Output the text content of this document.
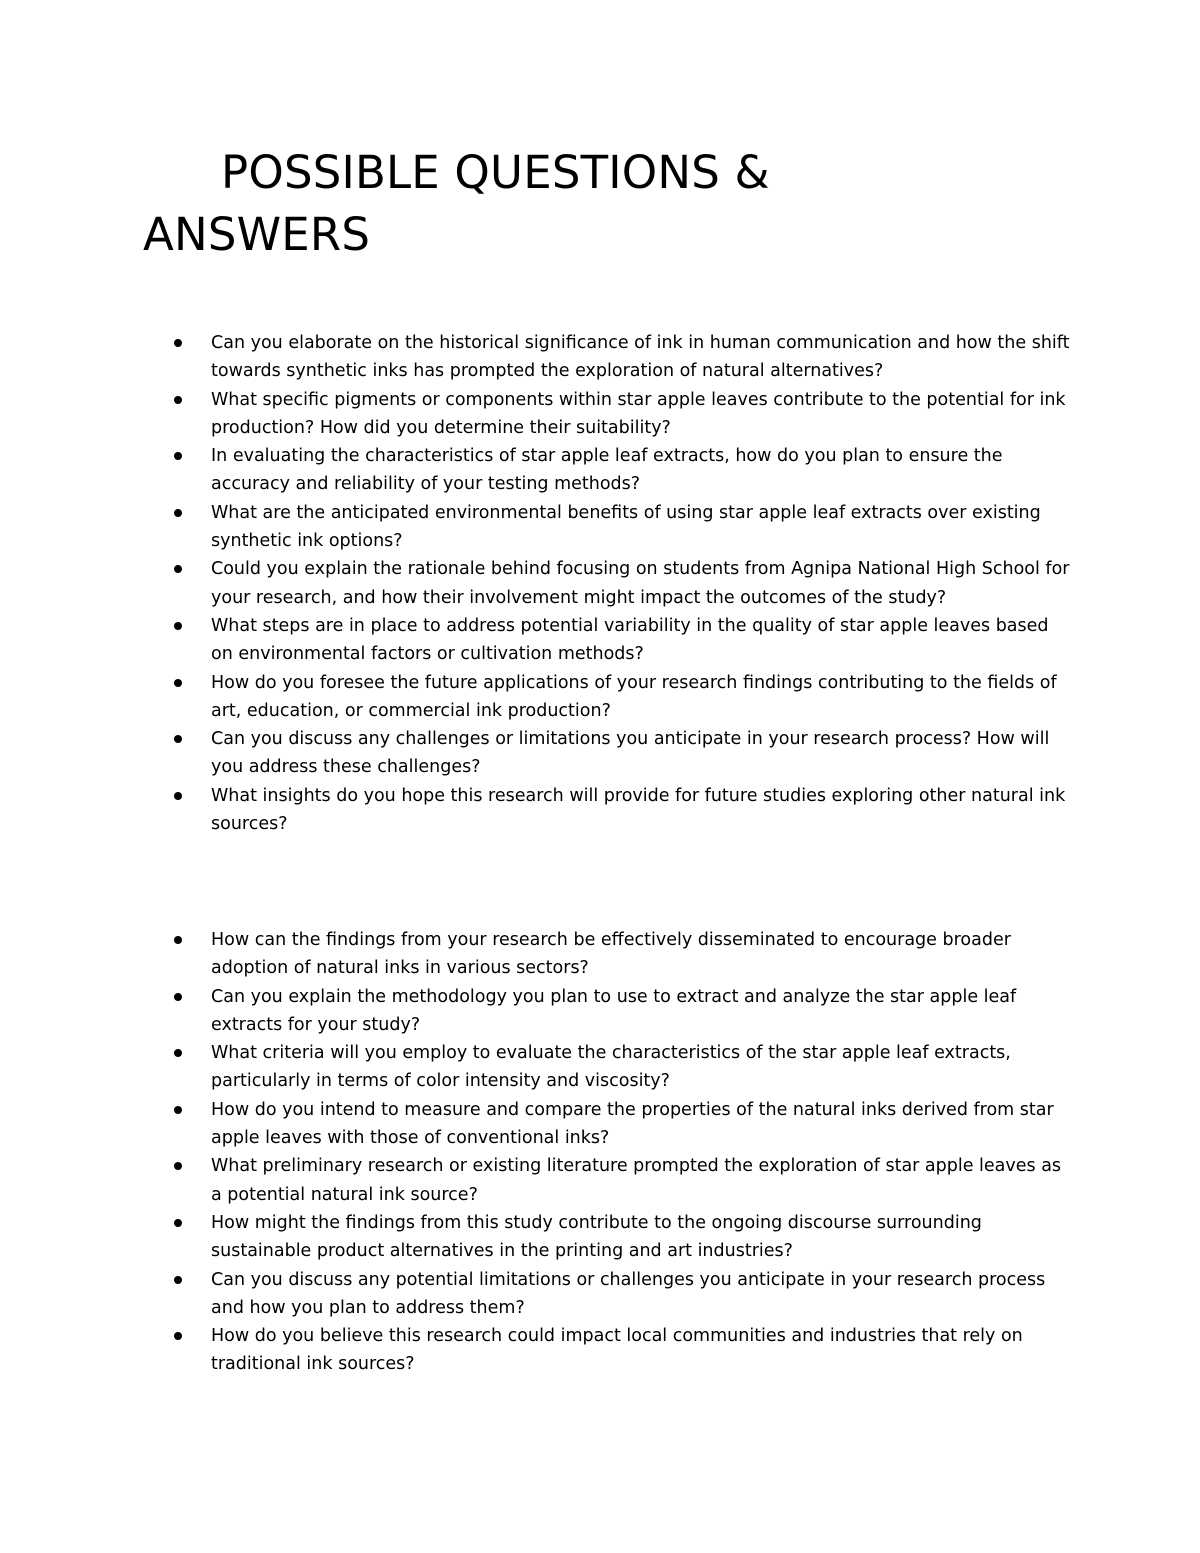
POSSIBLE QUESTIONS & ANSWERS
Can you elaborate on the historical significance of ink in human communication and how the shift towards synthetic inks has prompted the exploration of natural alternatives?
What specific pigments or components within star apple leaves contribute to the potential for ink production? How did you determine their suitability?
In evaluating the characteristics of star apple leaf extracts, how do you plan to ensure the accuracy and reliability of your testing methods?
What are the anticipated environmental benefits of using star apple leaf extracts over existing synthetic ink options?
Could you explain the rationale behind focusing on students from Agnipa National High School for your research, and how their involvement might impact the outcomes of the study?
What steps are in place to address potential variability in the quality of star apple leaves based on environmental factors or cultivation methods?
How do you foresee the future applications of your research findings contributing to the fields of art, education, or commercial ink production?
Can you discuss any challenges or limitations you anticipate in your research process? How will you address these challenges?
What insights do you hope this research will provide for future studies exploring other natural ink sources?
How can the findings from your research be effectively disseminated to encourage broader adoption of natural inks in various sectors?
Can you explain the methodology you plan to use to extract and analyze the star apple leaf extracts for your study?
What criteria will you employ to evaluate the characteristics of the star apple leaf extracts, particularly in terms of color intensity and viscosity?
How do you intend to measure and compare the properties of the natural inks derived from star apple leaves with those of conventional inks?
What preliminary research or existing literature prompted the exploration of star apple leaves as a potential natural ink source?
How might the findings from this study contribute to the ongoing discourse surrounding sustainable product alternatives in the printing and art industries?
Can you discuss any potential limitations or challenges you anticipate in your research process and how you plan to address them?
How do you believe this research could impact local communities and industries that rely on traditional ink sources?
